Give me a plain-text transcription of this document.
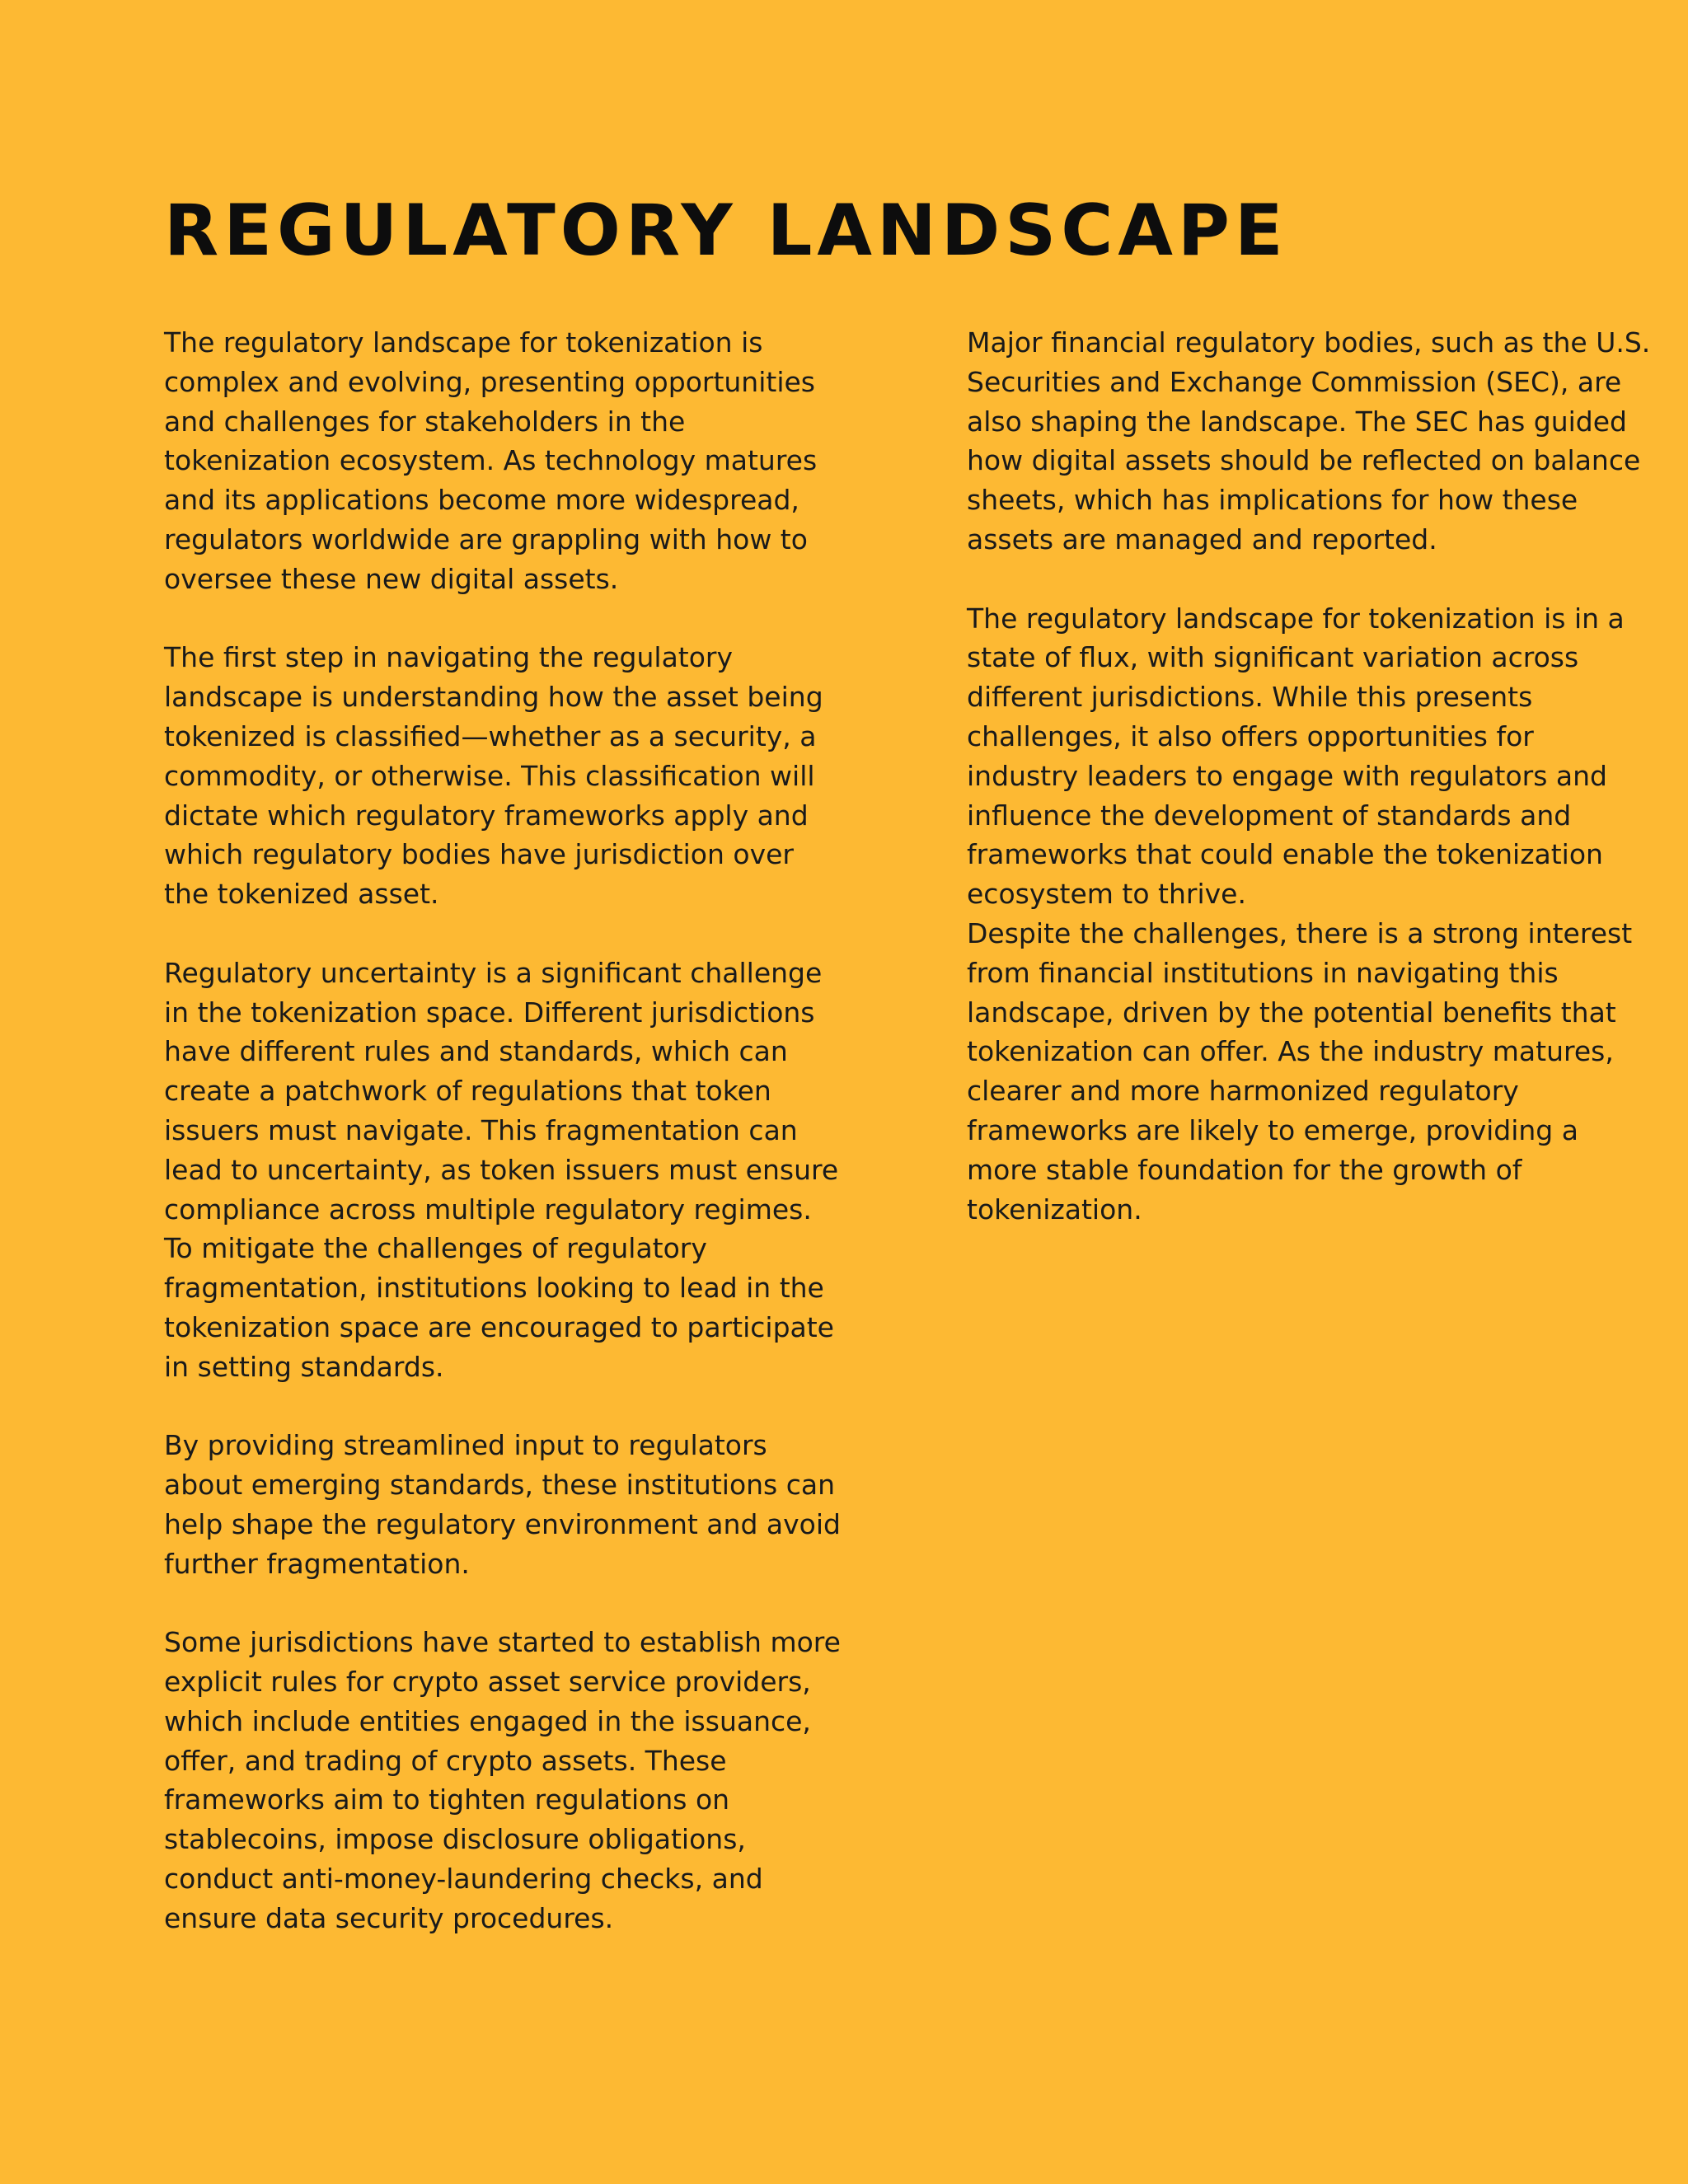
REGULATORY LANDSCAPE

The regulatory landscape for tokenization is
complex and evolving, presenting opportunities
and challenges for stakeholders in the
tokenization ecosystem. As technology matures
and its applications become more widespread,
regulators worldwide are grappling with how to
oversee these new digital assets.

The first step in navigating the regulatory
landscape is understanding how the asset being
tokenized is classified—whether as a security, a
commodity, or otherwise. This classification will
dictate which regulatory frameworks apply and
which regulatory bodies have jurisdiction over
the tokenized asset.

Regulatory uncertainty is a significant challenge
in the tokenization space. Different jurisdictions
have different rules and standards, which can
create a patchwork of regulations that token
issuers must navigate. This fragmentation can
lead to uncertainty, as token issuers must ensure
compliance across multiple regulatory regimes.
To mitigate the challenges of regulatory
fragmentation, institutions looking to lead in the
tokenization space are encouraged to participate
in setting standards.

By providing streamlined input to regulators
about emerging standards, these institutions can
help shape the regulatory environment and avoid
further fragmentation.

Some jurisdictions have started to establish more
explicit rules for crypto asset service providers,
which include entities engaged in the issuance,
offer, and trading of crypto assets. These
frameworks aim to tighten regulations on
stablecoins, impose disclosure obligations,
conduct anti-money-laundering checks, and
ensure data security procedures.

Major financial regulatory bodies, such as the U.S.
Securities and Exchange Commission (SEC), are
also shaping the landscape. The SEC has guided
how digital assets should be reflected on balance
sheets, which has implications for how these
assets are managed and reported.

The regulatory landscape for tokenization is in a
state of flux, with significant variation across
different jurisdictions. While this presents
challenges, it also offers opportunities for
industry leaders to engage with regulators and
influence the development of standards and
frameworks that could enable the tokenization
ecosystem to thrive.
Despite the challenges, there is a strong interest
from financial institutions in navigating this
landscape, driven by the potential benefits that
tokenization can offer. As the industry matures,
clearer and more harmonized regulatory
frameworks are likely to emerge, providing a
more stable foundation for the growth of
tokenization.
